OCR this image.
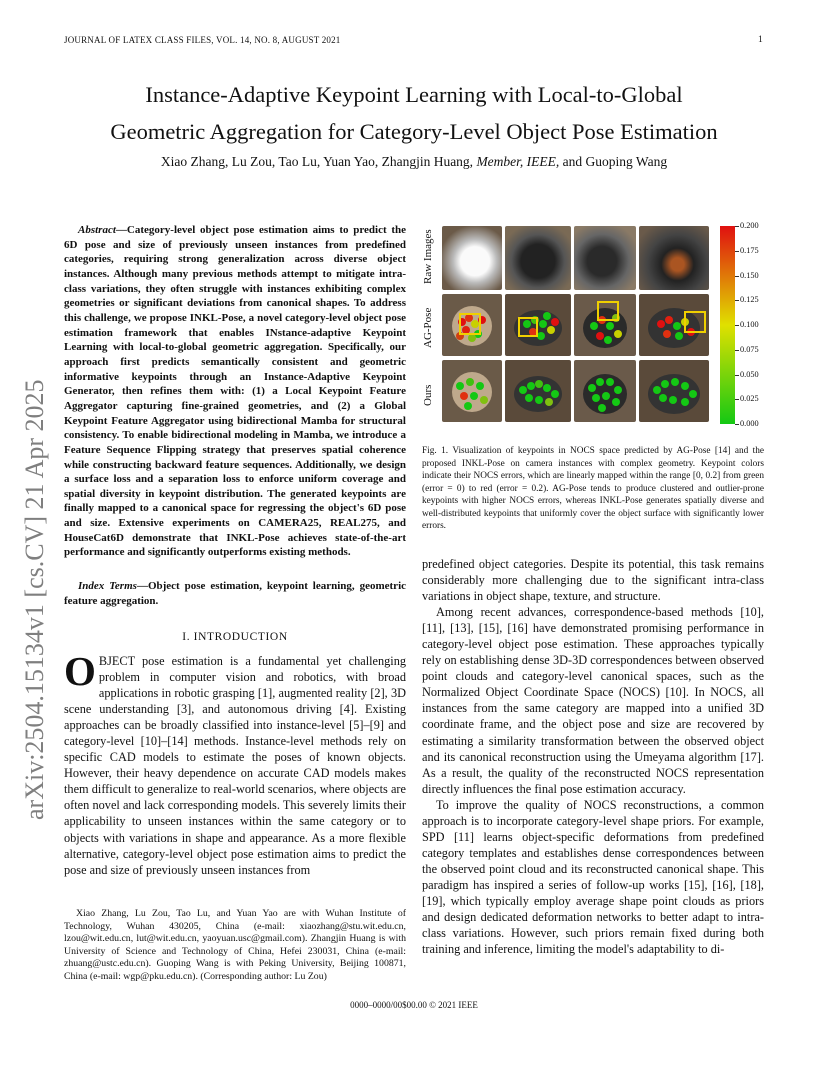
JOURNAL OF LATEX CLASS FILES, VOL. 14, NO. 8, AUGUST 2021	1
Instance-Adaptive Keypoint Learning with Local-to-Global
Geometric Aggregation for Category-Level Object Pose Estimation
Xiao Zhang, Lu Zou, Tao Lu, Yuan Yao, Zhangjin Huang, Member, IEEE, and Guoping Wang
arXiv:2504.15134v1 [cs.CV] 21 Apr 2025
Abstract—Category-level object pose estimation aims to predict the 6D pose and size of previously unseen instances from predefined categories, requiring strong generalization across diverse object instances. Although many previous methods attempt to mitigate intra-class variations, they often struggle with instances exhibiting complex geometries or significant deviations from canonical shapes. To address this challenge, we propose INKL-Pose, a novel category-level object pose estimation framework that enables INstance-adaptive Keypoint Learning with local-to-global geometric aggregation. Specifically, our approach first predicts semantically consistent and geometric informative keypoints through an Instance-Adaptive Keypoint Generator, then refines them with: (1) a Local Keypoint Feature Aggregator capturing fine-grained geometries, and (2) a Global Keypoint Feature Aggregator using bidirectional Mamba for structural consistency. To enable bidirectional modeling in Mamba, we introduce a Feature Sequence Flipping strategy that preserves spatial coherence while constructing backward feature sequences. Additionally, we design a surface loss and a separation loss to enforce uniform coverage and spatial diversity in keypoint distribution. The generated keypoints are finally mapped to a canonical space for regressing the object's 6D pose and size. Extensive experiments on CAMERA25, REAL275, and HouseCat6D demonstrate that INKL-Pose achieves state-of-the-art performance and significantly outperforms existing methods.
Index Terms—Object pose estimation, keypoint learning, geometric feature aggregation.
I. INTRODUCTION
OBJECT pose estimation is a fundamental yet challenging problem in computer vision and robotics, with broad applications in robotic grasping [1], augmented reality [2], 3D scene understanding [3], and autonomous driving [4]. Existing approaches can be broadly classified into instance-level [5]–[9] and category-level [10]–[14] methods. Instance-level methods rely on specific CAD models to estimate the poses of known objects. However, their heavy dependence on accurate CAD models makes them difficult to generalize to real-world scenarios, where objects are often novel and lack corresponding models. This severely limits their applicability to unseen instances within the same category or to objects with variations in shape and appearance. As a more flexible alternative, category-level object pose estimation aims to predict the pose and size of previously unseen instances from
Xiao Zhang, Lu Zou, Tao Lu, and Yuan Yao are with Wuhan Institute of Technology, Wuhan 430205, China (e-mail: xiaozhang@stu.wit.edu.cn, lzou@wit.edu.cn, lut@wit.edu.cn, yaoyuan.usc@gmail.com). Zhangjin Huang is with University of Science and Technology of China, Hefei 230031, China (e-mail: zhuang@ustc.edu.cn). Guoping Wang is with Peking University, Beijing 100871, China (e-mail: wgp@pku.edu.cn). (Corresponding author: Lu Zou)
0000–0000/00$00.00 © 2021 IEEE
Raw Images
AG-Pose
Ours
0.200
0.175
0.150
0.125
0.100
0.075
0.050
0.025
0.000
Fig. 1. Visualization of keypoints in NOCS space predicted by AG-Pose [14] and the proposed INKL-Pose on camera instances with complex geometry. Keypoint colors indicate their NOCS errors, which are linearly mapped within the range [0, 0.2] from green (error = 0) to red (error = 0.2). AG-Pose tends to produce clustered and outlier-prone keypoints with higher NOCS errors, whereas INKL-Pose generates spatially diverse and well-distributed keypoints that uniformly cover the object surface with significantly lower errors.

predefined object categories. Despite its potential, this task remains considerably more challenging due to the significant intra-class variations in object shape, texture, and structure.

Among recent advances, correspondence-based methods [10], [11], [13], [15], [16] have demonstrated promising performance in category-level object pose estimation. These approaches typically rely on establishing dense 3D-3D correspondences between observed point clouds and category-level canonical spaces, such as the Normalized Object Coordinate Space (NOCS) [10]. In NOCS, all instances from the same category are mapped into a unified 3D coordinate frame, and the object pose and size are recovered by estimating a similarity transformation between the observed object and its canonical reconstruction using the Umeyama algorithm [17]. As a result, the quality of the reconstructed NOCS representation directly influences the final pose estimation accuracy.

To improve the quality of NOCS reconstructions, a common approach is to incorporate category-level shape priors. For example, SPD [11] learns object-specific deformations from predefined category templates and establishes dense correspondences between the observed point cloud and its reconstructed canonical shape. This paradigm has inspired a series of follow-up works [15], [16], [18], [19], which typically employ average shape point clouds as priors and design dedicated deformation networks to better adapt to intra-class variations. However, such priors remain fixed during both training and inference, limiting the model's adaptability to di-
